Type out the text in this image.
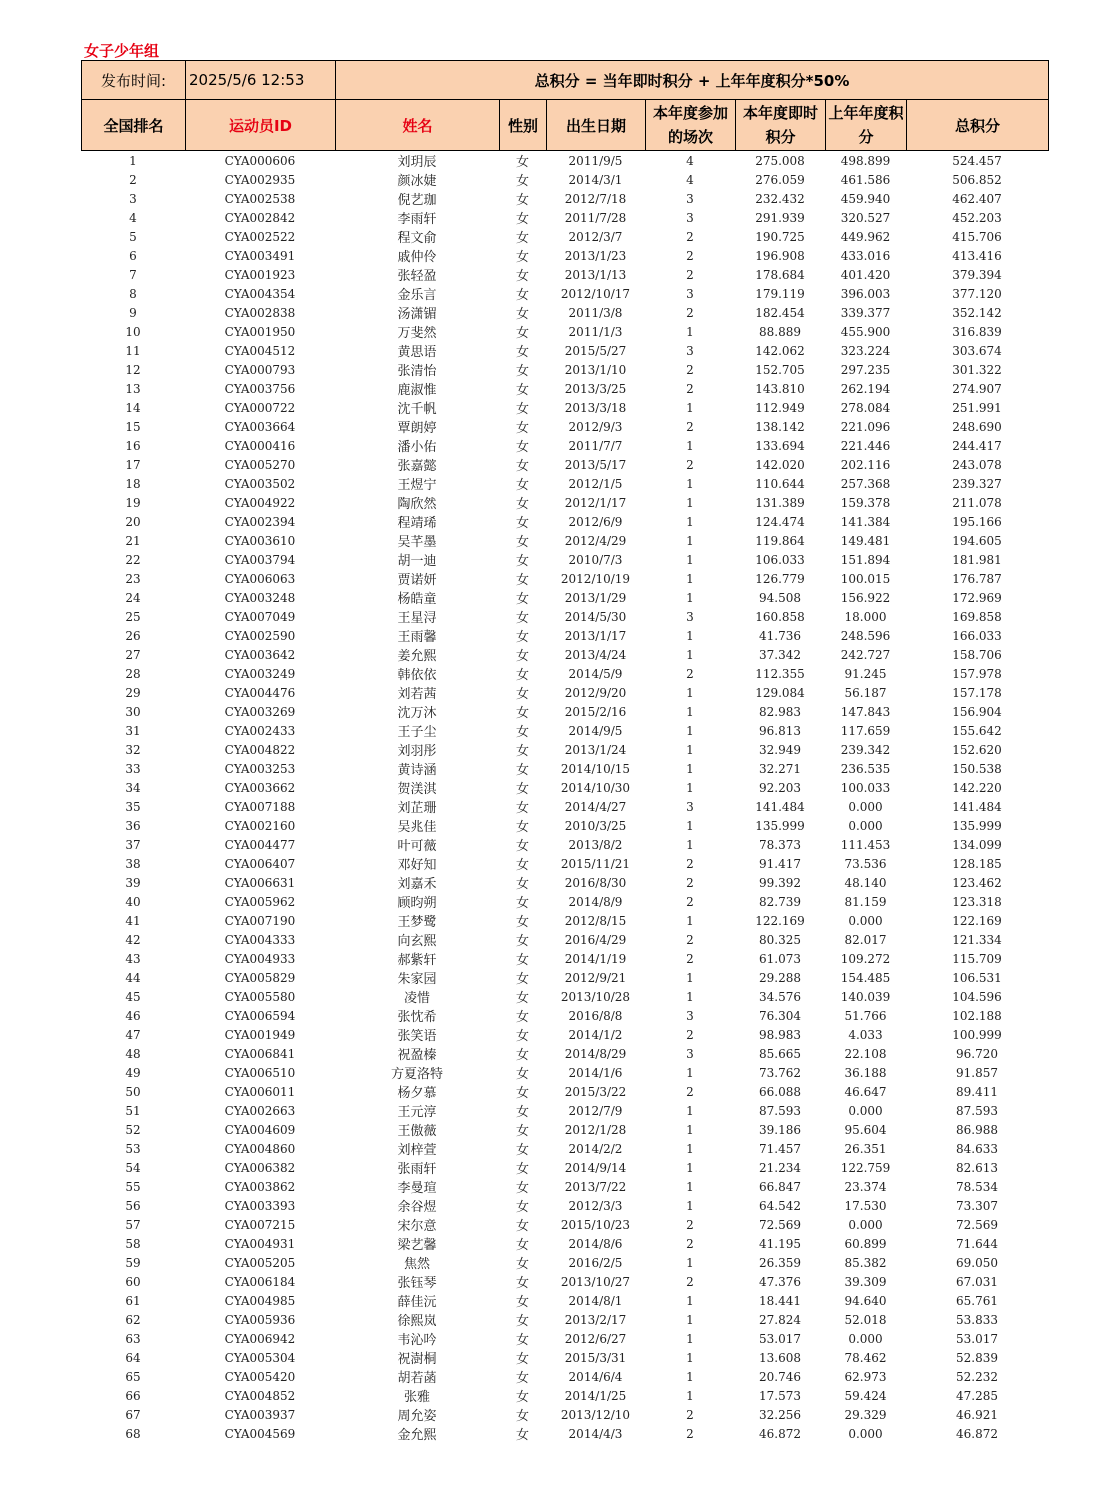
女子少年组
发布时间:	2025/5/6 12:53	总积分 = 当年即时积分 + 上年年度积分*50%						
全国排名	运动员ID	姓名	性别	出生日期	本年度参加的场次	本年度即时积分	上年年度积分	总积分
1	CYA000606	刘玥辰	女	2011/9/5	4	275.008	498.899	524.457
2	CYA002935	颜冰婕	女	2014/3/1	4	276.059	461.586	506.852
3	CYA002538	倪艺珈	女	2012/7/18	3	232.432	459.940	462.407
4	CYA002842	李雨轩	女	2011/7/28	3	291.939	320.527	452.203
5	CYA002522	程文俞	女	2012/3/7	2	190.725	449.962	415.706
6	CYA003491	戚仲伶	女	2013/1/23	2	196.908	433.016	413.416
7	CYA001923	张轻盈	女	2013/1/13	2	178.684	401.420	379.394
8	CYA004354	金乐言	女	2012/10/17	3	179.119	396.003	377.120
9	CYA002838	汤潇镅	女	2011/3/8	2	182.454	339.377	352.142
10	CYA001950	万斐然	女	2011/1/3	1	88.889	455.900	316.839
11	CYA004512	黄思语	女	2015/5/27	3	142.062	323.224	303.674
12	CYA000793	张清怡	女	2013/1/10	2	152.705	297.235	301.322
13	CYA003756	鹿淑惟	女	2013/3/25	2	143.810	262.194	274.907
14	CYA000722	沈千帆	女	2013/3/18	1	112.949	278.084	251.991
15	CYA003664	覃朗婷	女	2012/9/3	2	138.142	221.096	248.690
16	CYA000416	潘小佑	女	2011/7/7	1	133.694	221.446	244.417
17	CYA005270	张嘉懿	女	2013/5/17	2	142.020	202.116	243.078
18	CYA003502	王煜宁	女	2012/1/5	1	110.644	257.368	239.327
19	CYA004922	陶欣然	女	2012/1/17	1	131.389	159.378	211.078
20	CYA002394	程靖琋	女	2012/6/9	1	124.474	141.384	195.166
21	CYA003610	吴芊墨	女	2012/4/29	1	119.864	149.481	194.605
22	CYA003794	胡一迪	女	2010/7/3	1	106.033	151.894	181.981
23	CYA006063	贾诺妍	女	2012/10/19	1	126.779	100.015	176.787
24	CYA003248	杨皓童	女	2013/1/29	1	94.508	156.922	172.969
25	CYA007049	王星浔	女	2014/5/30	3	160.858	18.000	169.858
26	CYA002590	王雨馨	女	2013/1/17	1	41.736	248.596	166.033
27	CYA003642	姜允熙	女	2013/4/24	1	37.342	242.727	158.706
28	CYA003249	韩依依	女	2014/5/9	2	112.355	91.245	157.978
29	CYA004476	刘若茜	女	2012/9/20	1	129.084	56.187	157.178
30	CYA003269	沈万沐	女	2015/2/16	1	82.983	147.843	156.904
31	CYA002433	王子尘	女	2014/9/5	1	96.813	117.659	155.642
32	CYA004822	刘羽彤	女	2013/1/24	1	32.949	239.342	152.620
33	CYA003253	黄诗涵	女	2014/10/15	1	32.271	236.535	150.538
34	CYA003662	贺渼淇	女	2014/10/30	1	92.203	100.033	142.220
35	CYA007188	刘芷珊	女	2014/4/27	3	141.484	0.000	141.484
36	CYA002160	吴兆佳	女	2010/3/25	1	135.999	0.000	135.999
37	CYA004477	叶可薇	女	2013/8/2	1	78.373	111.453	134.099
38	CYA006407	邓好知	女	2015/11/21	2	91.417	73.536	128.185
39	CYA006631	刘嘉禾	女	2016/8/30	2	99.392	48.140	123.462
40	CYA005962	顾昀朔	女	2014/8/9	2	82.739	81.159	123.318
41	CYA007190	王梦鹭	女	2012/8/15	1	122.169	0.000	122.169
42	CYA004333	向玄熙	女	2016/4/29	2	80.325	82.017	121.334
43	CYA004933	郝紫轩	女	2014/1/19	2	61.073	109.272	115.709
44	CYA005829	朱家园	女	2012/9/21	1	29.288	154.485	106.531
45	CYA005580	凌惜	女	2013/10/28	1	34.576	140.039	104.596
46	CYA006594	张忱希	女	2016/8/8	3	76.304	51.766	102.188
47	CYA001949	张笑语	女	2014/1/2	2	98.983	4.033	100.999
48	CYA006841	祝盈榛	女	2014/8/29	3	85.665	22.108	96.720
49	CYA006510	方夏洛特	女	2014/1/6	1	73.762	36.188	91.857
50	CYA006011	杨夕慕	女	2015/3/22	2	66.088	46.647	89.411
51	CYA002663	王元淳	女	2012/7/9	1	87.593	0.000	87.593
52	CYA004609	王傲薇	女	2012/1/28	1	39.186	95.604	86.988
53	CYA004860	刘梓萱	女	2014/2/2	1	71.457	26.351	84.633
54	CYA006382	张雨轩	女	2014/9/14	1	21.234	122.759	82.613
55	CYA003862	李曼瑄	女	2013/7/22	1	66.847	23.374	78.534
56	CYA003393	余谷煜	女	2012/3/3	1	64.542	17.530	73.307
57	CYA007215	宋尔意	女	2015/10/23	2	72.569	0.000	72.569
58	CYA004931	梁艺馨	女	2014/8/6	2	41.195	60.899	71.644
59	CYA005205	焦然	女	2016/2/5	1	26.359	85.382	69.050
60	CYA006184	张钰琴	女	2013/10/27	2	47.376	39.309	67.031
61	CYA004985	薛佳沅	女	2014/8/1	1	18.441	94.640	65.761
62	CYA005936	徐熙岚	女	2013/2/17	1	27.824	52.018	53.833
63	CYA006942	韦沁吟	女	2012/6/27	1	53.017	0.000	53.017
64	CYA005304	祝澍桐	女	2015/3/31	1	13.608	78.462	52.839
65	CYA005420	胡若菡	女	2014/6/4	1	20.746	62.973	52.232
66	CYA004852	张雅	女	2014/1/25	1	17.573	59.424	47.285
67	CYA003937	周允姿	女	2013/12/10	2	32.256	29.329	46.921
68	CYA004569	金允熙	女	2014/4/3	2	46.872	0.000	46.872
